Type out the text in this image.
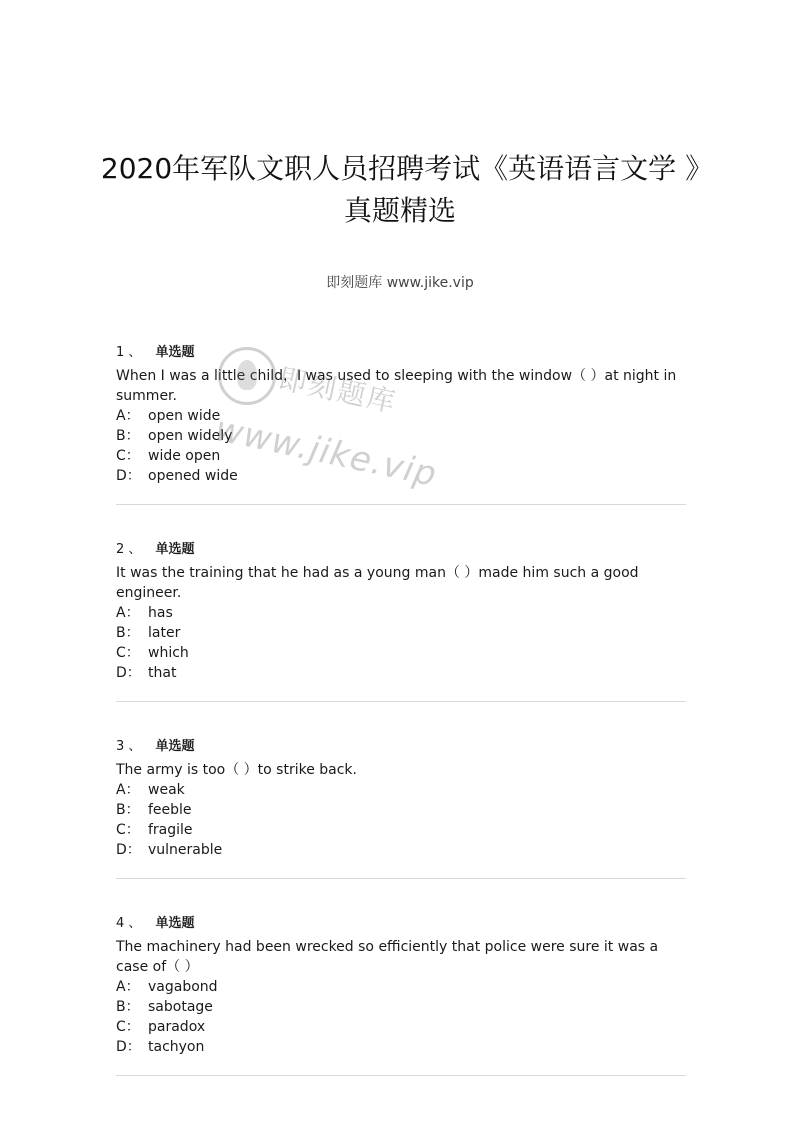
2020年军队文职人员招聘考试《英语语言文学 》真题精选
即刻题库 www.jike.vip
1 、 单选题
When I was a little child，I was used to sleeping with the window（ ）at night in summer.
A： open wide
B： open widely
C： wide open
D： opened wide
2 、 单选题
It was the training that he had as a young man（ ）made him such a good engineer.
A： has
B： later
C： which
D： that
3 、 单选题
The army is too（ ）to strike back.
A： weak
B： feeble
C： fragile
D： vulnerable
4 、 单选题
The machinery had been wrecked so efficiently that police were sure it was a case of（ ）
A： vagabond
B： sabotage
C： paradox
D： tachyon
即刻题库
www.jike.vip
